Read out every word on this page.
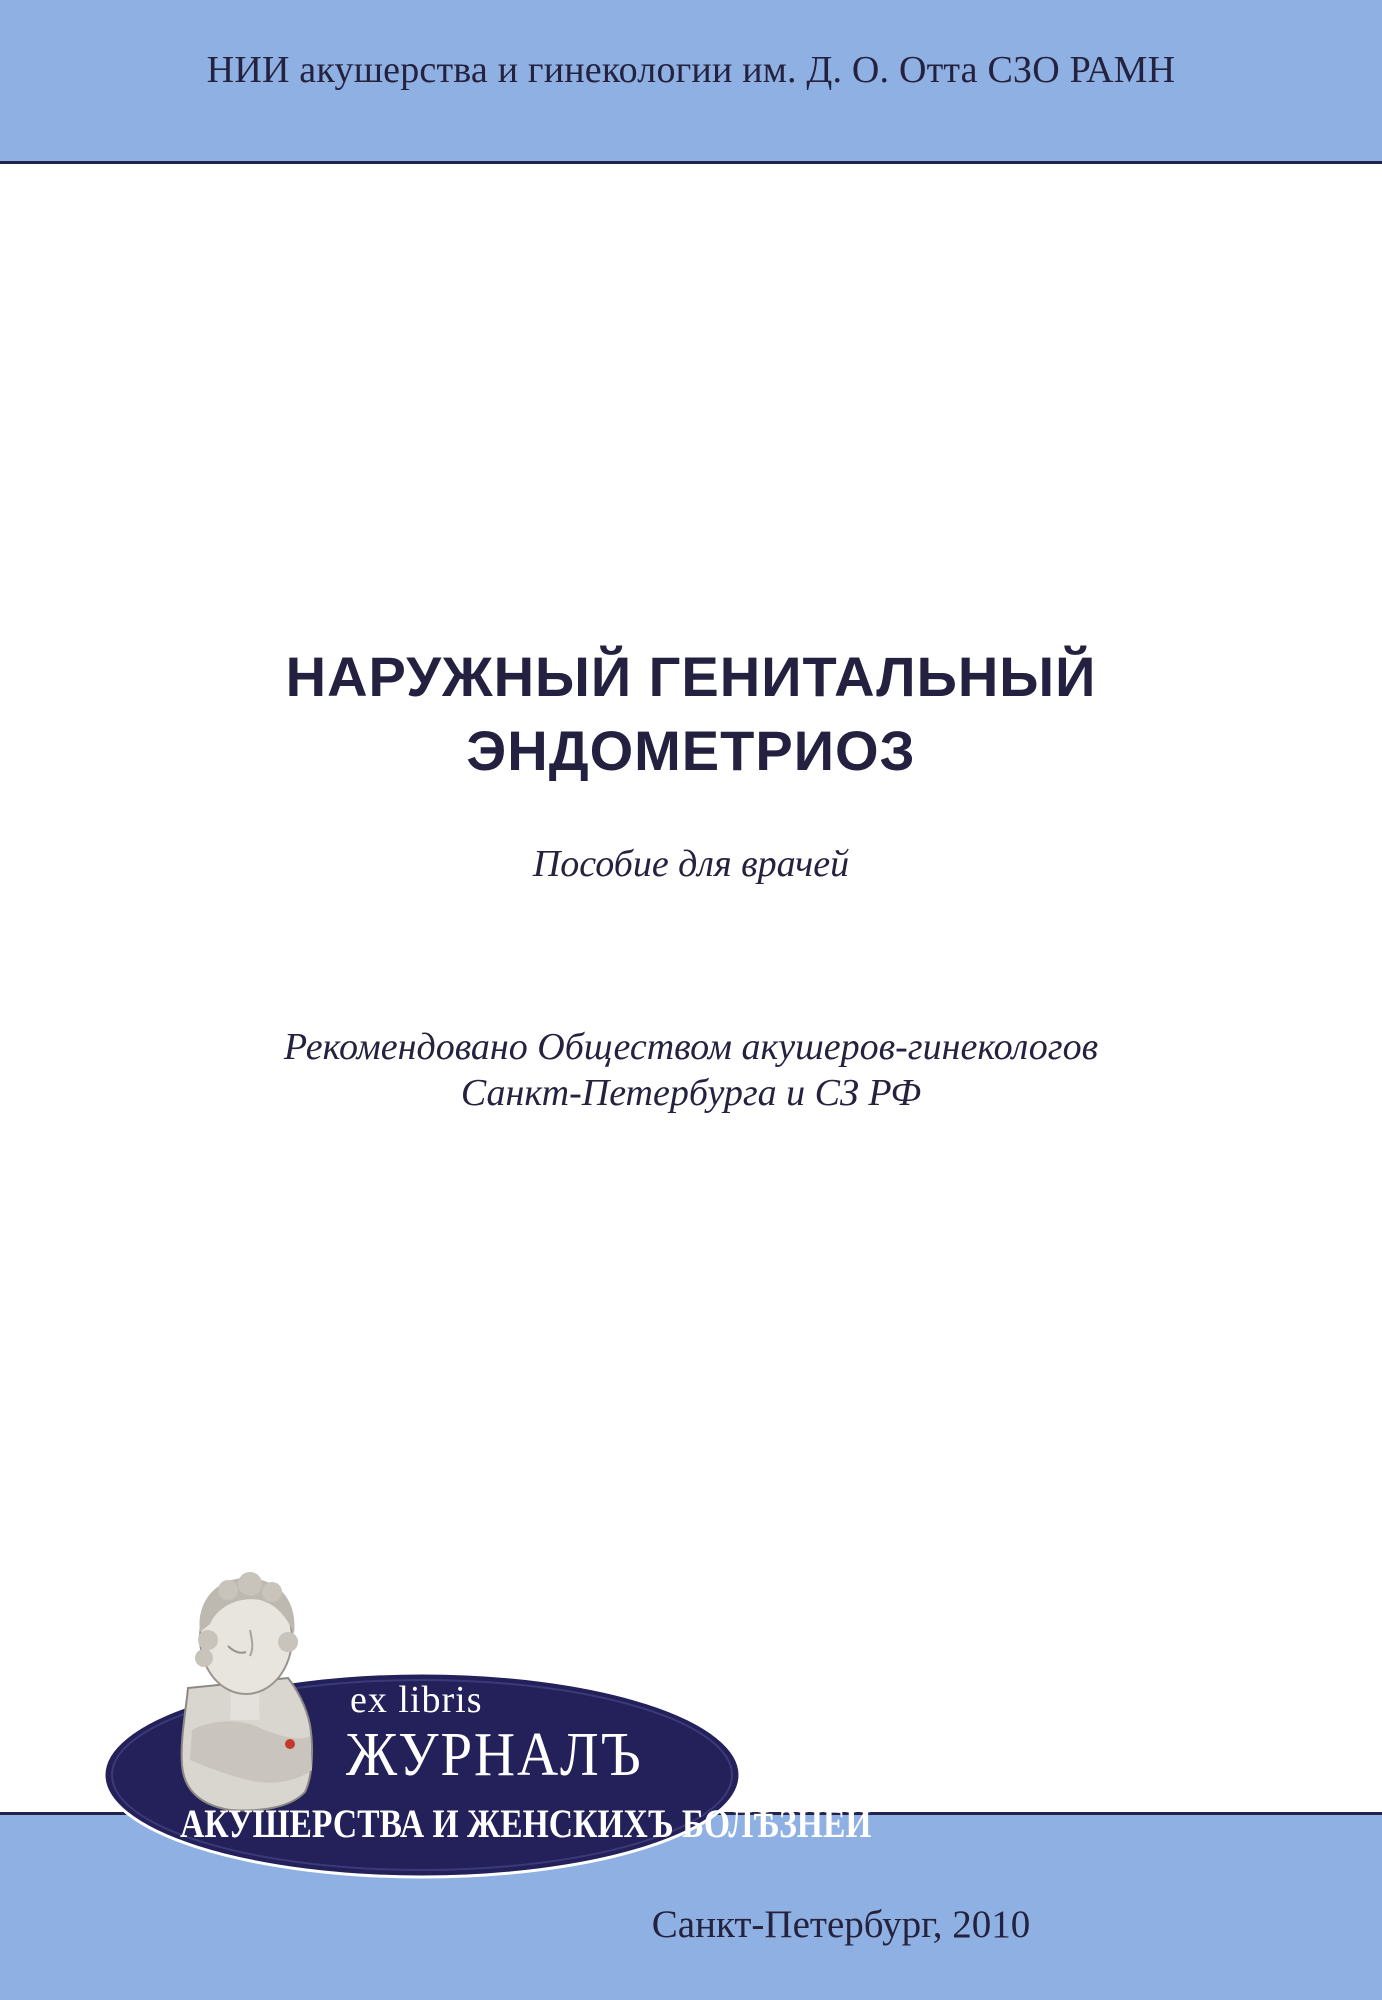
НИИ акушерства и гинекологии им. Д. О. Отта СЗО РАМН
НАРУЖНЫЙ ГЕНИТАЛЬНЫЙ
ЭНДОМЕТРИОЗ
Пособие для врачей
Рекомендовано Обществом акушеров-гинекологов
Санкт-Петербурга и СЗ РФ
Санкт-Петербург, 2010
ex libris
ЖУРНАЛЪ
АКУШЕРСТВА И ЖЕНСКИХЪ БОЛѢЗНЕЙ
